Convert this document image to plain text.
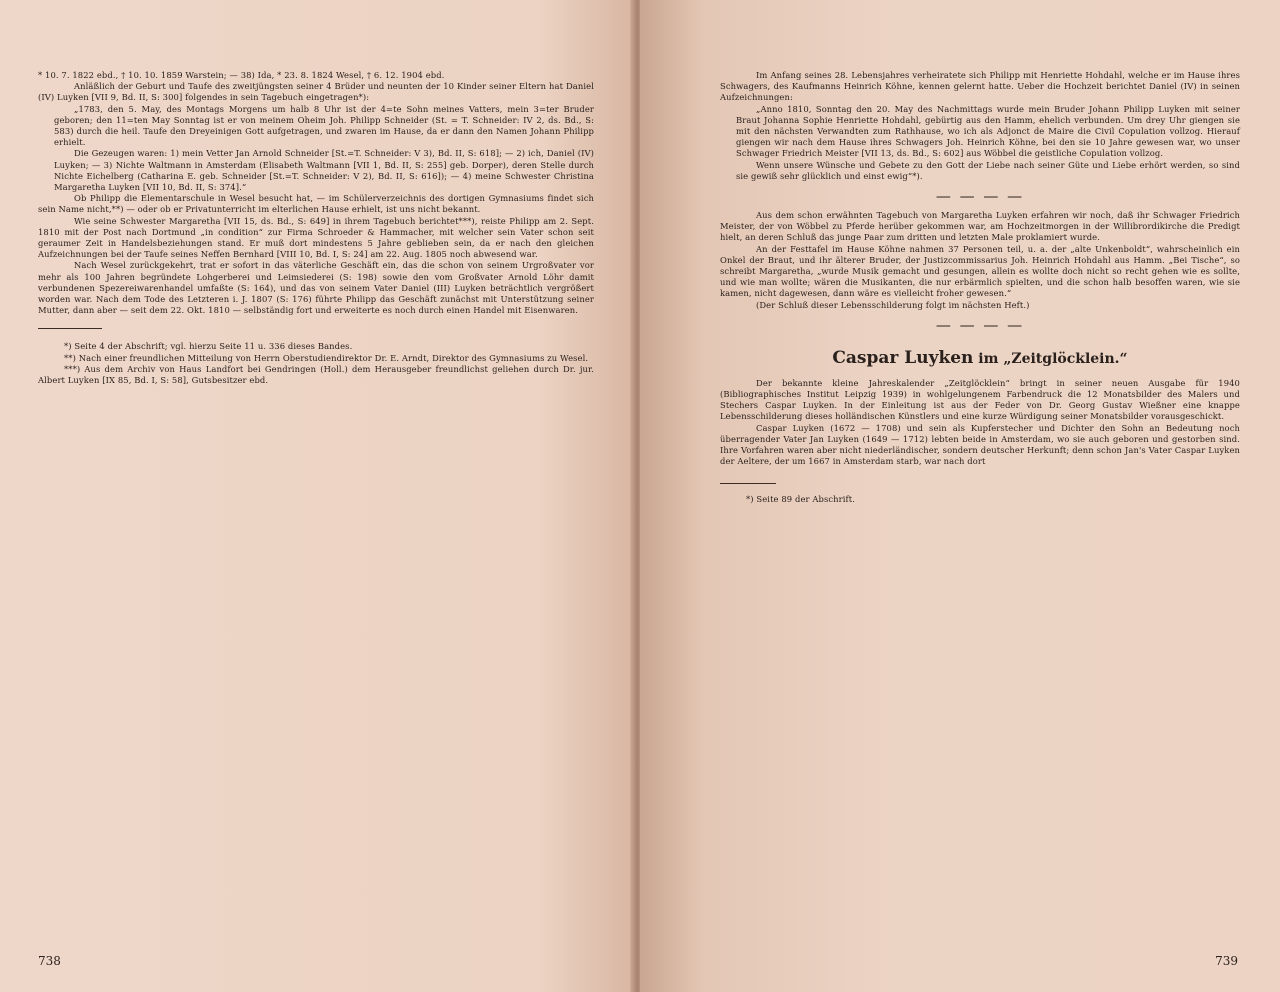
* 10. 7. 1822 ebd., † 10. 10. 1859 Warstein; — 38) Ida, * 23. 8. 1824 Wesel, † 6. 12. 1904 ebd.

Anläßlich der Geburt und Taufe des zweitjüngsten seiner 4 Brüder und neunten der 10 Kinder seiner Eltern hat Daniel (IV) Luyken [VII 9, Bd. II, S: 300] folgendes in sein Tagebuch eingetragen*):

„1783, den 5. May, des Montags Morgens um halb 8 Uhr ist der 4=te Sohn meines Vatters, mein 3=ter Bruder geboren; den 11=ten May Sonntag ist er von meinem Oheim Joh. Philipp Schneider (St. = T. Schneider: IV 2, ds. Bd., S: 583) durch die heil. Taufe den Dreyeinigen Gott aufgetragen, und zwaren im Hause, da er dann den Namen Johann Philipp erhielt.

Die Gezeugen waren: 1) mein Vetter Jan Arnold Schneider [St.=T. Schneider: V 3), Bd. II, S: 618]; — 2) ich, Daniel (IV) Luyken; — 3) Nichte Waltmann in Amsterdam (Elisabeth Waltmann [VII 1, Bd. II, S: 255] geb. Dorper), deren Stelle durch Nichte Eichelberg (Catharina E. geb. Schneider [St.=T. Schneider: V 2), Bd. II, S: 616]); — 4) meine Schwester Christina Margaretha Luyken [VII 10, Bd. II, S: 374].“

Ob Philipp die Elementarschule in Wesel besucht hat, — im Schülerverzeichnis des dortigen Gymnasiums findet sich sein Name nicht,**) — oder ob er Privatunterricht im elterlichen Hause erhielt, ist uns nicht bekannt.

Wie seine Schwester Margaretha [VII 15, ds. Bd., S: 649] in ihrem Tagebuch berichtet***), reiste Philipp am 2. Sept. 1810 mit der Post nach Dortmund „in condition“ zur Firma Schroeder & Hammacher, mit welcher sein Vater schon seit geraumer Zeit in Handelsbeziehungen stand. Er muß dort mindestens 5 Jahre geblieben sein, da er nach den gleichen Aufzeichnungen bei der Taufe seines Neffen Bernhard [VIII 10, Bd. I, S: 24] am 22. Aug. 1805 noch abwesend war.

Nach Wesel zurückgekehrt, trat er sofort in das väterliche Geschäft ein, das die schon von seinem Urgroßvater vor mehr als 100 Jahren begründete Lohgerberei und Leimsiederei (S: 198) sowie den vom Großvater Arnold Löhr damit verbundenen Spezereiwarenhandel umfaßte (S: 164), und das von seinem Vater Daniel (III) Luyken beträchtlich vergrößert worden war. Nach dem Tode des Letzteren i. J. 1807 (S: 176) führte Philipp das Geschäft zunächst mit Unterstützung seiner Mutter, dann aber — seit dem 22. Okt. 1810 — selbständig fort und erweiterte es noch durch einen Handel mit Eisenwaren.

*) Seite 4 der Abschrift; vgl. hierzu Seite 11 u. 336 dieses Bandes.

**) Nach einer freundlichen Mitteilung von Herrn Oberstudiendirektor Dr. E. Arndt, Direktor des Gymnasiums zu Wesel.

***) Aus dem Archiv von Haus Landfort bei Gendringen (Holl.) dem Herausgeber freundlichst geliehen durch Dr. jur. Albert Luyken [IX 85, Bd. I, S: 58], Gutsbesitzer ebd.

738

Im Anfang seines 28. Lebensjahres verheiratete sich Philipp mit Henriette Hohdahl, welche er im Hause ihres Schwagers, des Kaufmanns Heinrich Köhne, kennen gelernt hatte. Ueber die Hochzeit berichtet Daniel (IV) in seinen Aufzeichnungen:

„Anno 1810, Sonntag den 20. May des Nachmittags wurde mein Bruder Johann Philipp Luyken mit seiner Braut Johanna Sophie Henriette Hohdahl, gebürtig aus den Hamm, ehelich verbunden. Um drey Uhr giengen sie mit den nächsten Verwandten zum Rathhause, wo ich als Adjonct de Maire die Civil Copulation vollzog. Hierauf giengen wir nach dem Hause ihres Schwagers Joh. Heinrich Köhne, bei den sie 10 Jahre gewesen war, wo unser Schwager Friedrich Meister [VII 13, ds. Bd., S: 602] aus Wöbbel die geistliche Copulation vollzog.

Wenn unsere Wünsche und Gebete zu den Gott der Liebe nach seiner Güte und Liebe erhört werden, so sind sie gewiß sehr glücklich und einst ewig“*).

— — — —

Aus dem schon erwähnten Tagebuch von Margaretha Luyken erfahren wir noch, daß ihr Schwager Friedrich Meister, der von Wöbbel zu Pferde herüber gekommen war, am Hochzeitmorgen in der Willibrordikirche die Predigt hielt, an deren Schluß das junge Paar zum dritten und letzten Male proklamiert wurde.

An der Festtafel im Hause Köhne nahmen 37 Personen teil, u. a. der „alte Unkenboldt“, wahrscheinlich ein Onkel der Braut, und ihr älterer Bruder, der Justizcommissarius Joh. Heinrich Hohdahl aus Hamm. „Bei Tische“, so schreibt Margaretha, „wurde Musik gemacht und gesungen, allein es wollte doch nicht so recht gehen wie es sollte, und wie man wollte; wären die Musikanten, die nur erbärmlich spielten, und die schon halb besoffen waren, wie sie kamen, nicht dagewesen, dann wäre es vielleicht froher gewesen.“

(Der Schluß dieser Lebensschilderung folgt im nächsten Heft.)

— — — —
Caspar Luyken im „Zeitglöcklein.“

Der bekannte kleine Jahreskalender „Zeitglöcklein“ bringt in seiner neuen Ausgabe für 1940 (Bibliographisches Institut Leipzig 1939) in wohlgelungenem Farbendruck die 12 Monatsbilder des Malers und Stechers Caspar Luyken. In der Einleitung ist aus der Feder von Dr. Georg Gustav Wießner eine knappe Lebensschilderung dieses holländischen Künstlers und eine kurze Würdigung seiner Monatsbilder vorausgeschickt.

Caspar Luyken (1672 — 1708) und sein als Kupferstecher und Dichter den Sohn an Bedeutung noch überragender Vater Jan Luyken (1649 — 1712) lebten beide in Amsterdam, wo sie auch geboren und gestorben sind. Ihre Vorfahren waren aber nicht niederländischer, sondern deutscher Herkunft; denn schon Jan's Vater Caspar Luyken der Aeltere, der um 1667 in Amsterdam starb, war nach dort

*) Seite 89 der Abschrift.

739
